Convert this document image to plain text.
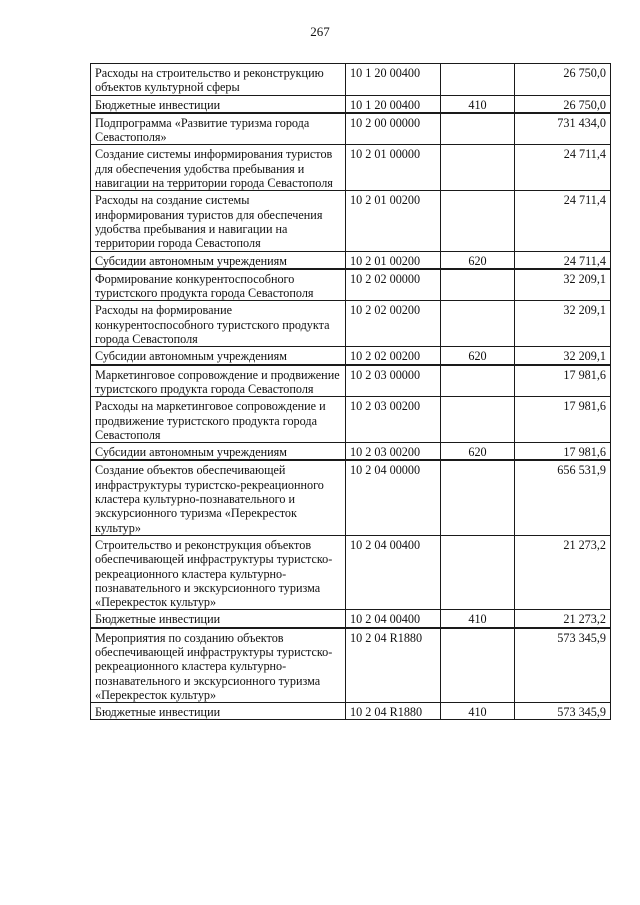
267
Расходы на строительство и реконструкцию объектов культурной сферы	10 1 20 00400		26 750,0
Бюджетные инвестиции	10 1 20 00400	410	26 750,0
Подпрограмма «Развитие туризма города Севастополя»	10 2 00 00000		731 434,0
Создание системы информирования туристов для обеспечения удобства пребывания и навигации на территории города Севастополя	10 2 01 00000		24 711,4
Расходы на создание системы информирования туристов для обеспечения удобства пребывания и навигации на территории города Севастополя	10 2 01 00200		24 711,4
Субсидии автономным учреждениям	10 2 01 00200	620	24 711,4
Формирование конкурентоспособного туристского продукта города Севастополя	10 2 02 00000		32 209,1
Расходы на формирование конкурентоспособного туристского продукта города Севастополя	10 2 02 00200		32 209,1
Субсидии автономным учреждениям	10 2 02 00200	620	32 209,1
Маркетинговое сопровождение и продвижение туристского продукта города Севастополя	10 2 03 00000		17 981,6
Расходы на маркетинговое сопровождение и продвижение туристского продукта города Севастополя	10 2 03 00200		17 981,6
Субсидии автономным учреждениям	10 2 03 00200	620	17 981,6
Создание объектов обеспечивающей инфраструктуры туристско-рекреационного кластера культурно-познавательного и экскурсионного туризма «Перекресток культур»	10 2 04 00000		656 531,9
Строительство и реконструкция объектов обеспечивающей инфраструктуры туристско-рекреационного кластера культурно-познавательного и экскурсионного туризма «Перекресток культур»	10 2 04 00400		21 273,2
Бюджетные инвестиции	10 2 04 00400	410	21 273,2
Мероприятия по созданию объектов обеспечивающей инфраструктуры туристско-рекреационного кластера культурно-познавательного и экскурсионного туризма «Перекресток культур»	10 2 04 R1880		573 345,9
Бюджетные инвестиции	10 2 04 R1880	410	573 345,9
